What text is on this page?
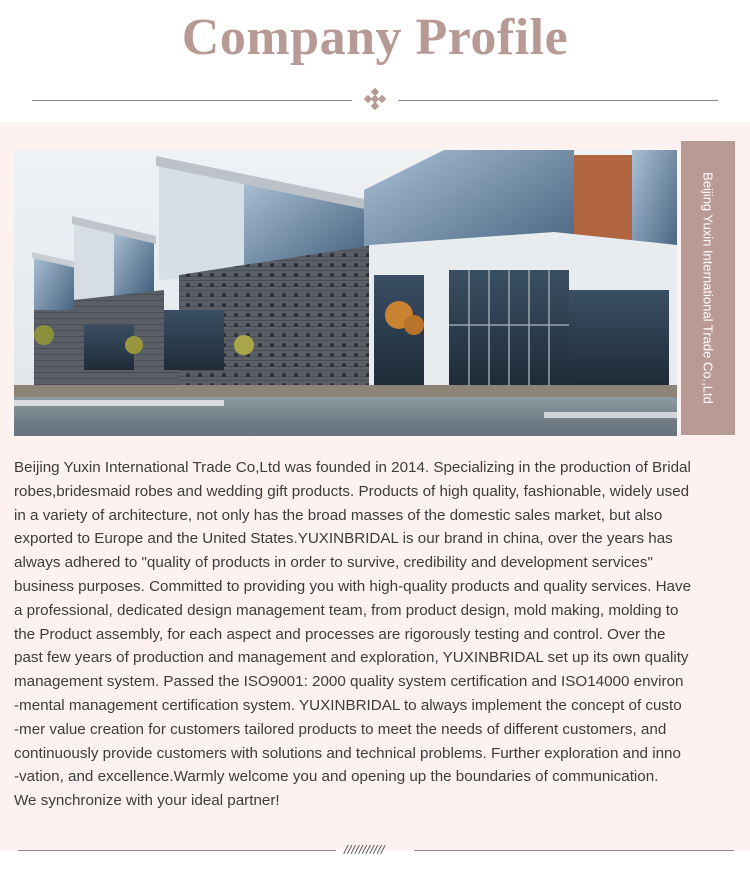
Company Profile
Beijing Yuxin International Trade Co.,Ltd
Beijing Yuxin International Trade Co,Ltd was founded in 2014. Specializing in the production of Bridal
robes,bridesmaid robes and wedding gift products. Products of high quality, fashionable, widely used
in a variety of architecture, not only has the broad masses of the domestic sales market, but also
exported to Europe and the United States.YUXINBRIDAL is our brand in china, over the years has
always adhered to "quality of products in order to survive, credibility and development services"
business purposes. Committed to providing you with high-quality products and quality services. Have
a professional, dedicated design management team, from product design, mold making, molding to
the Product assembly, for each aspect and processes are rigorously testing and control. Over the
past few years of production and management and exploration, YUXINBRIDAL set up its own quality
management system. Passed the ISO9001: 2000 quality system certification and ISO14000 environ
-mental management certification system. YUXINBRIDAL to always implement the concept of custo
-mer value creation for customers tailored products to meet the needs of different customers, and
continuously provide customers with solutions and technical problems. Further exploration and inno
-vation, and excellence.Warmly welcome you and opening up the boundaries of communication.
We synchronize with your ideal partner!
///////////
